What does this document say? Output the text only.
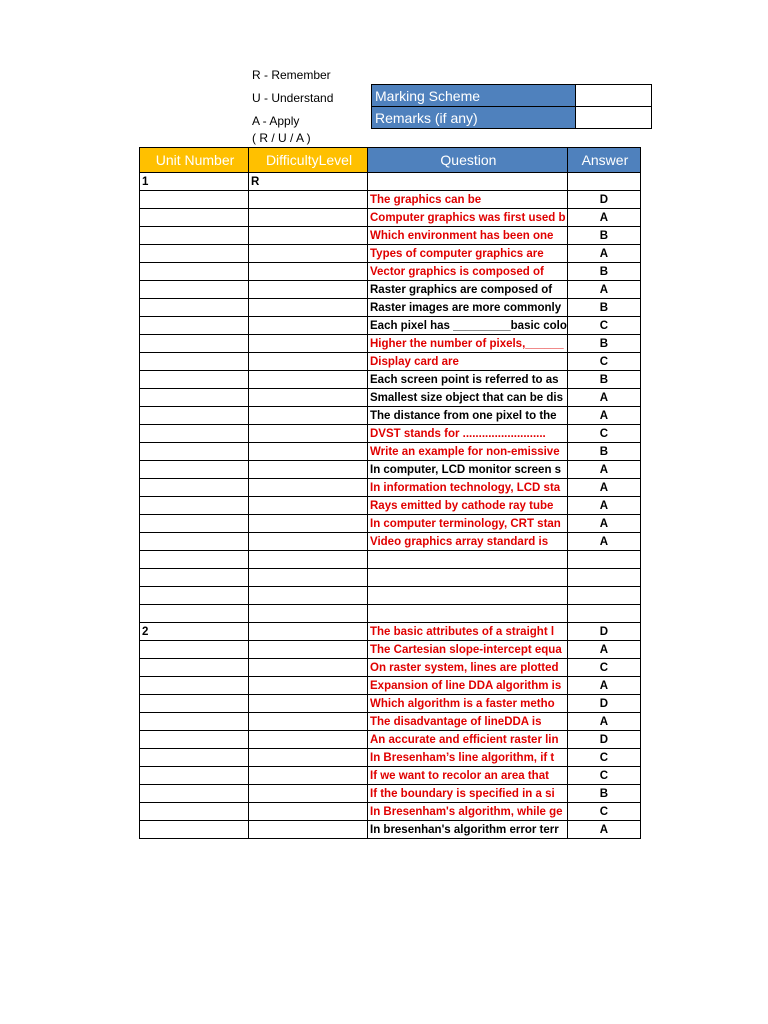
R - Remember
U - Understand
A - Apply
( R / U / A )
Marking Scheme	
Remarks (if any)	
Unit Number	DifficultyLevel	Question	Answer
1	R		
		The graphics can be	D
		Computer graphics was first used b	A
		Which environment has been one	B
		Types of computer graphics are	A
		Vector graphics is composed of	B
		Raster graphics are composed of	A
		Raster images are more commonly	B
		Each pixel has _________basic colo	C
		Higher the number of pixels,______	B
		Display card are	C
		Each screen point is referred to as	B
		Smallest size object that can be dis	A
		The distance from one pixel to the	A
		DVST stands for ..........................	C
		Write an example for non-emissive	B
		In computer, LCD monitor screen s	A
		In information technology, LCD sta	A
		Rays emitted by cathode ray tube	A
		In computer terminology, CRT stan	A
		Video graphics array standard is	A

2		The basic attributes of a straight l	D
		The Cartesian slope-intercept equa	A
		On raster system, lines are plotted	C
		Expansion of line DDA algorithm is	A
		Which algorithm is a faster metho	D
		The disadvantage of lineDDA is	A
		An accurate and efficient raster lin	D
		In Bresenham’s line algorithm, if t	C
		If we want to recolor an area that	C
		If the boundary is specified in a si	B
		In Bresenham's algorithm, while ge	C
		In bresenhan's algorithm error terr	A
